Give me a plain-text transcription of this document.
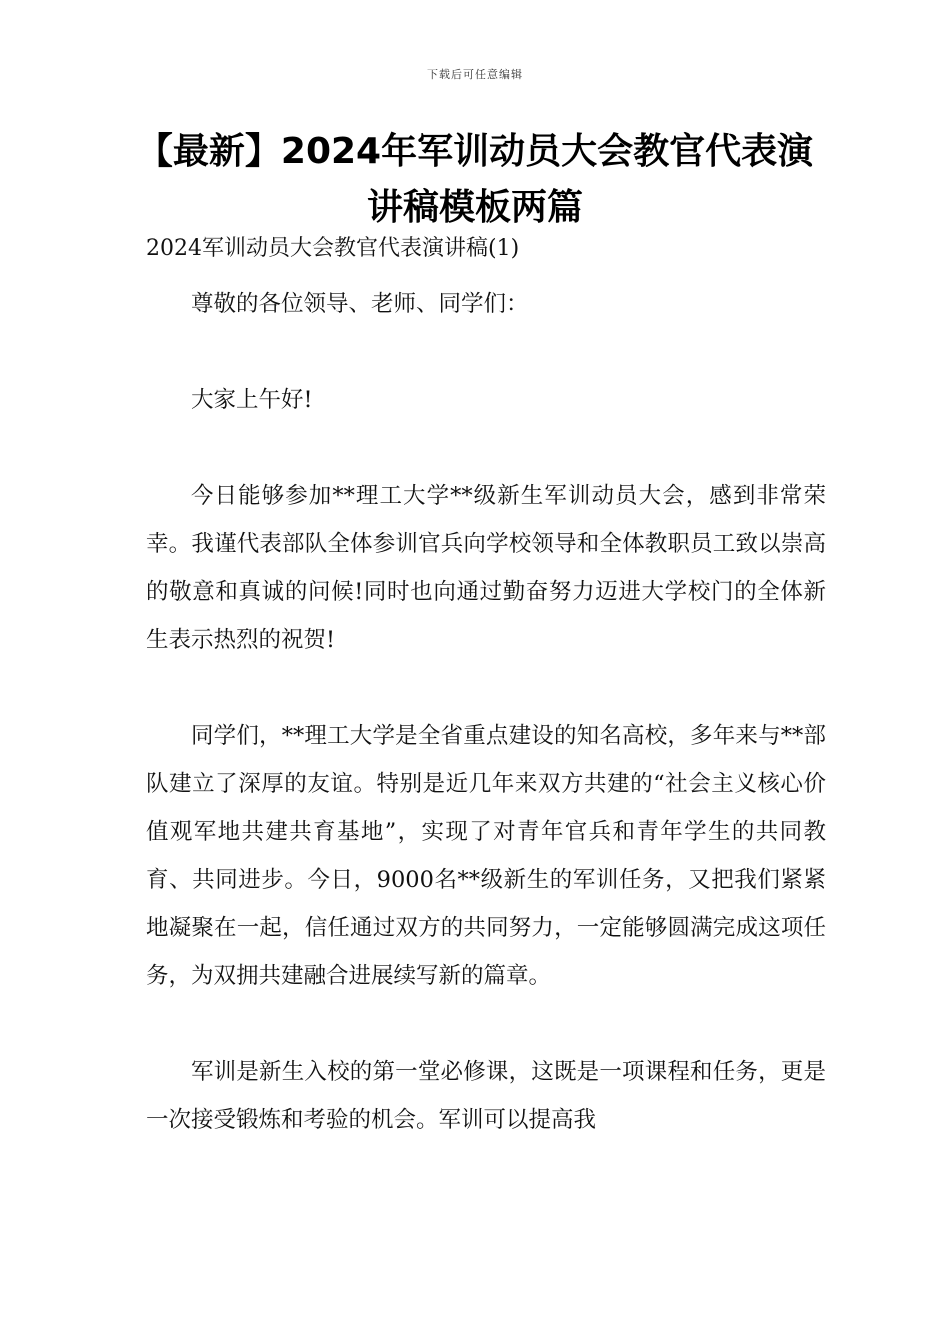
下载后可任意编辑
【最新】2024年军训动员大会教官代表演
讲稿模板两篇
2024军训动员大会教官代表演讲稿(1)

尊敬的各位领导、老师、同学们：

大家上午好!

今日能够参加**理工大学**级新生军训动员大会，感到非常荣幸。我谨代表部队全体参训官兵向学校领导和全体教职员工致以崇高的敬意和真诚的问候!同时也向通过勤奋努力迈进大学校门的全体新生表示热烈的祝贺!

同学们，**理工大学是全省重点建设的知名高校，多年来与**部队建立了深厚的友谊。特别是近几年来双方共建的“社会主义核心价值观军地共建共育基地”，实现了对青年官兵和青年学生的共同教育、共同进步。今日，9000名**级新生的军训任务，又把我们紧紧地凝聚在一起，信任通过双方的共同努力，一定能够圆满完成这项任务，为双拥共建融合进展续写新的篇章。

军训是新生入校的第一堂必修课，这既是一项课程和任务，更是一次接受锻炼和考验的机会。军训可以提高我
